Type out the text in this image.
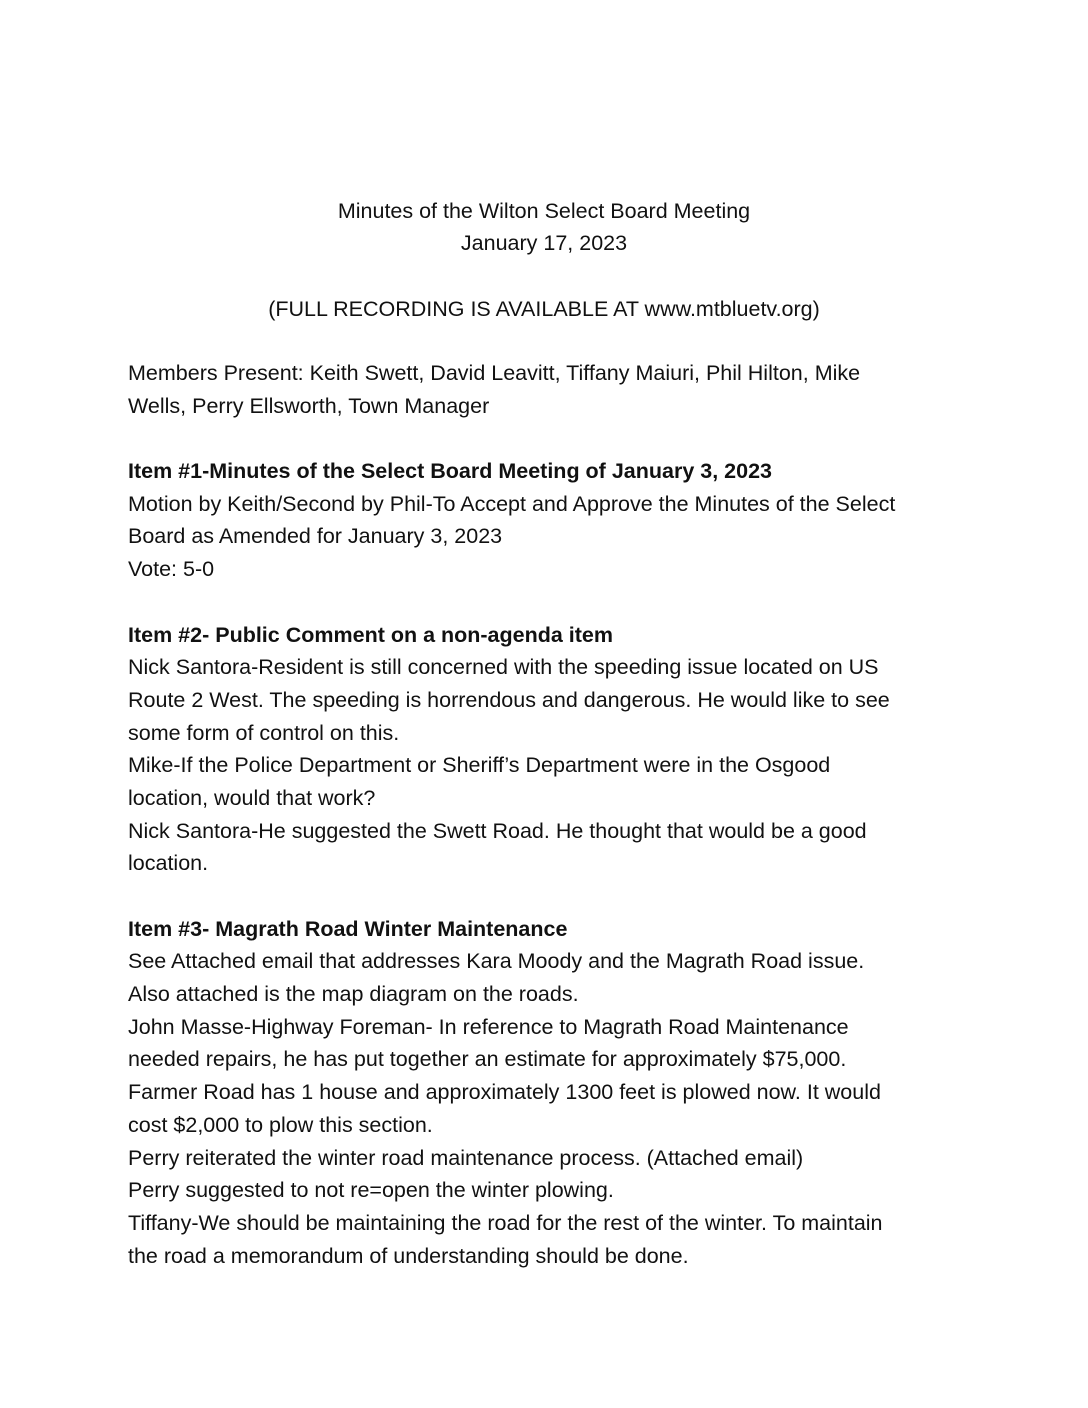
Minutes of the Wilton Select Board Meeting
January 17, 2023
(FULL RECORDING IS AVAILABLE AT www.mtbluetv.org)
Members Present: Keith Swett, David Leavitt, Tiffany Maiuri, Phil Hilton, Mike
Wells, Perry Ellsworth, Town Manager
Item #1-Minutes of the Select Board Meeting of January 3, 2023
Motion by Keith/Second by Phil-To Accept and Approve the Minutes of the Select
Board as Amended for January 3, 2023
Vote: 5-0
Item #2- Public Comment on a non-agenda item
Nick Santora-Resident is still concerned with the speeding issue located on US
Route 2 West. The speeding is horrendous and dangerous. He would like to see
some form of control on this.
Mike-If the Police Department or Sheriff’s Department were in the Osgood
location, would that work?
Nick Santora-He suggested the Swett Road. He thought that would be a good
location.
Item #3- Magrath Road Winter Maintenance
See Attached email that addresses Kara Moody and the Magrath Road issue.
Also attached is the map diagram on the roads.
John Masse-Highway Foreman- In reference to Magrath Road Maintenance
needed repairs, he has put together an estimate for approximately $75,000.
Farmer Road has 1 house and approximately 1300 feet is plowed now. It would
cost $2,000 to plow this section.
Perry reiterated the winter road maintenance process. (Attached email)
Perry suggested to not re=open the winter plowing.
Tiffany-We should be maintaining the road for the rest of the winter. To maintain
the road a memorandum of understanding should be done.
